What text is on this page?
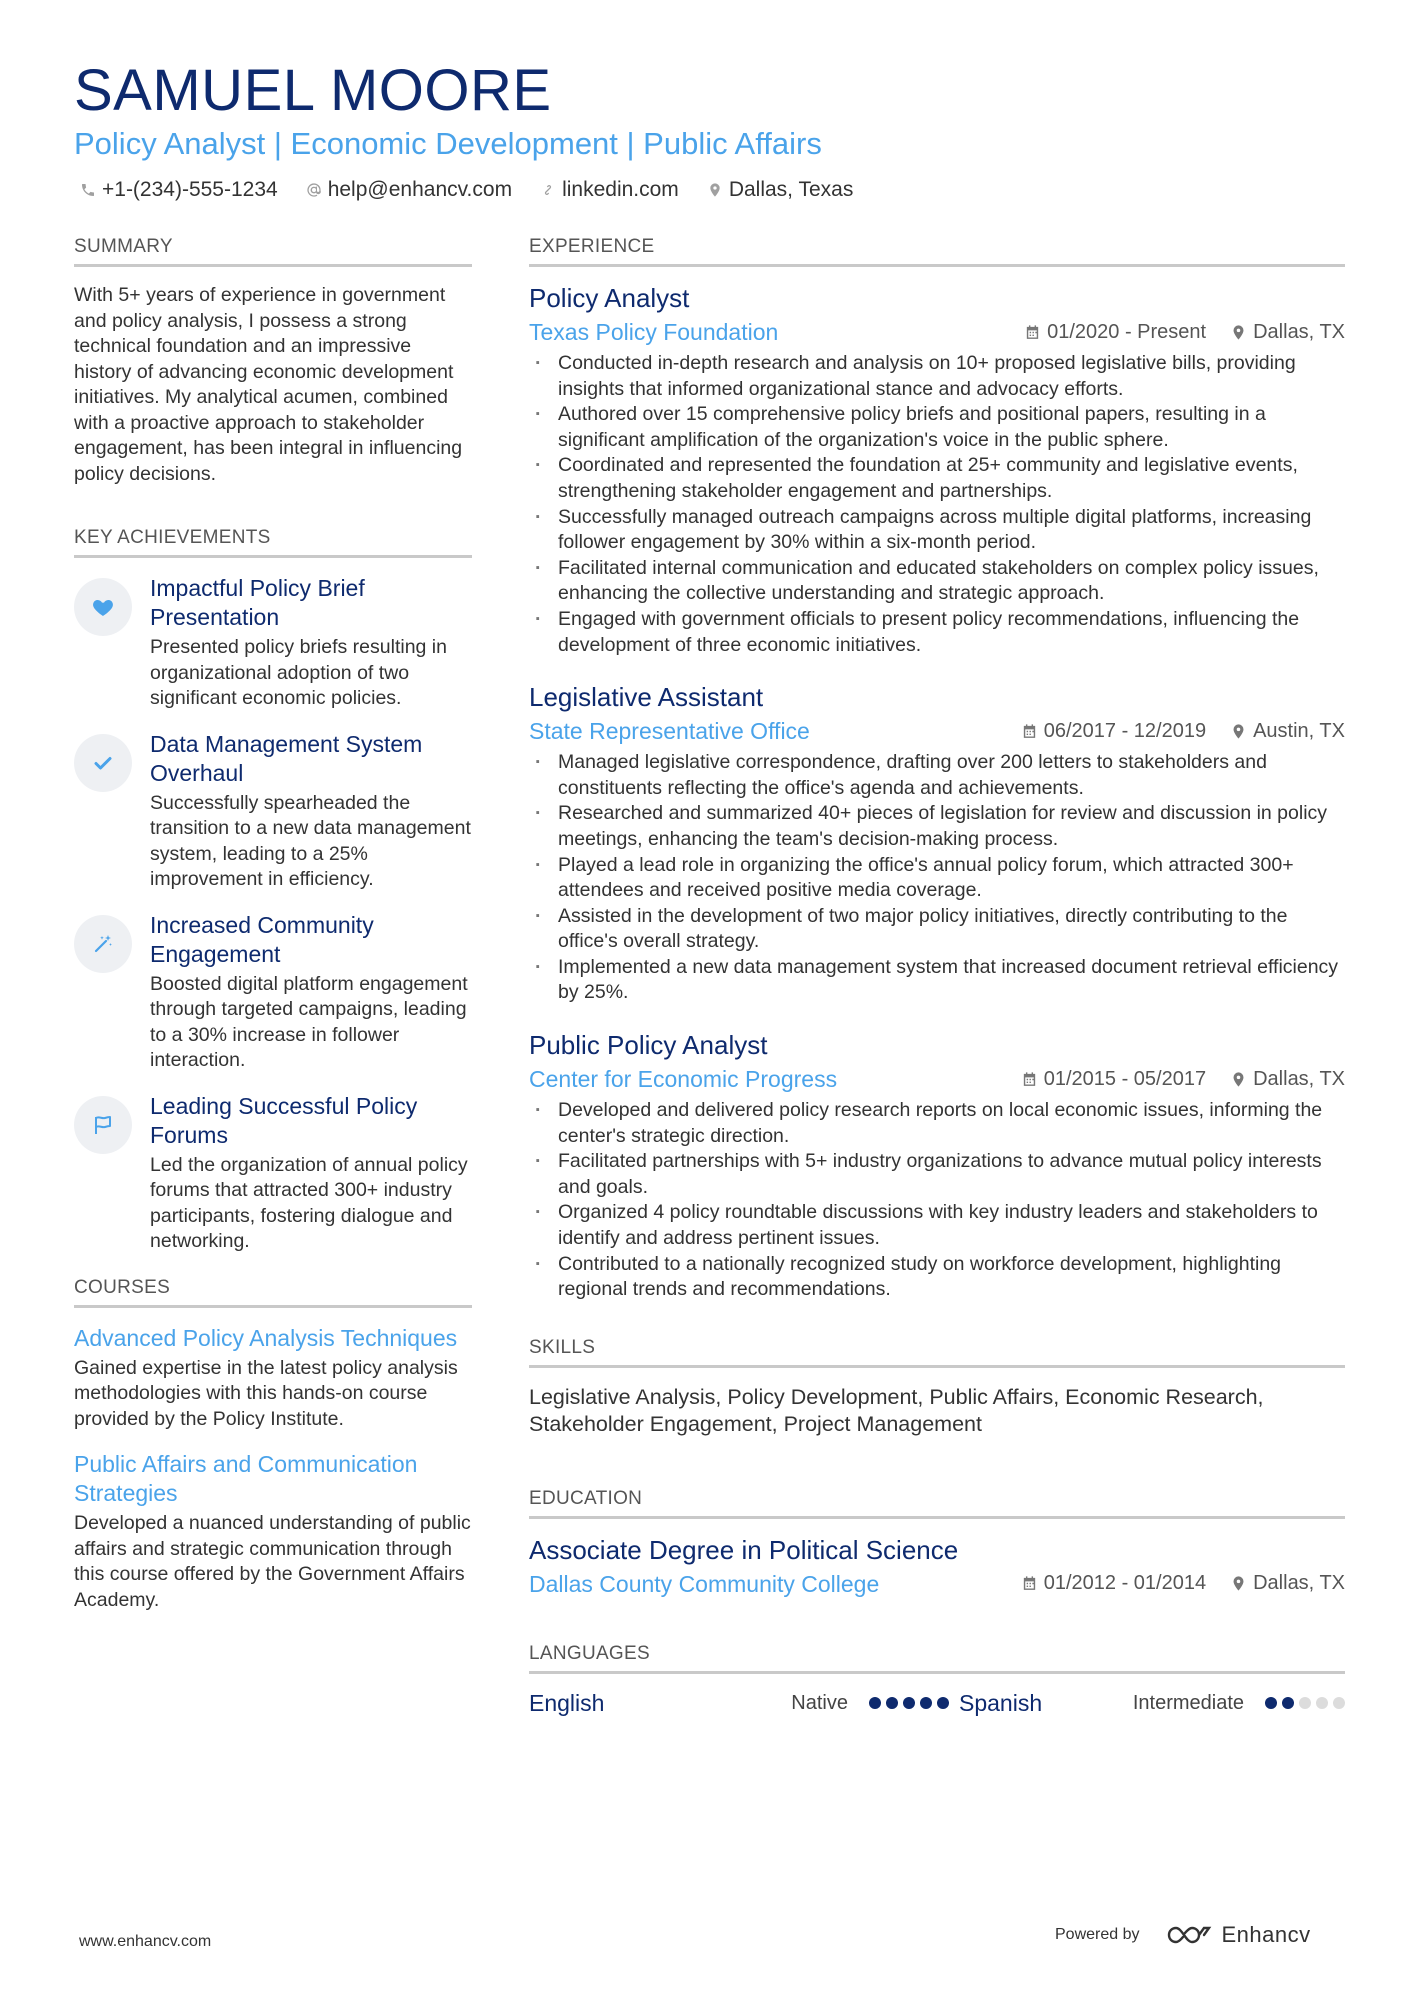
SAMUEL MOORE
Policy Analyst | Economic Development | Public Affairs
+1-(234)-555-1234 help@enhancv.com linkedin.com Dallas, Texas
SUMMARY
With 5+ years of experience in government and policy analysis, I possess a strong technical foundation and an impressive history of advancing economic development initiatives. My analytical acumen, combined with a proactive approach to stakeholder engagement, has been integral in influencing policy decisions.
KEY ACHIEVEMENTS
Impactful Policy Brief Presentation
Presented policy briefs resulting in organizational adoption of two significant economic policies.
Data Management System Overhaul
Successfully spearheaded the transition to a new data management system, leading to a 25% improvement in efficiency.
Increased Community Engagement
Boosted digital platform engagement through targeted campaigns, leading to a 30% increase in follower interaction.
Leading Successful Policy Forums
Led the organization of annual policy forums that attracted 300+ industry participants, fostering dialogue and networking.
COURSES
Advanced Policy Analysis Techniques
Gained expertise in the latest policy analysis methodologies with this hands-on course provided by the Policy Institute.
Public Affairs and Communication Strategies
Developed a nuanced understanding of public affairs and strategic communication through this course offered by the Government Affairs Academy.
EXPERIENCE
Policy Analyst
Texas Policy Foundation	01/2020 - Present Dallas, TX
· Conducted in-depth research and analysis on 10+ proposed legislative bills, providing insights that informed organizational stance and advocacy efforts.
· Authored over 15 comprehensive policy briefs and positional papers, resulting in a significant amplification of the organization's voice in the public sphere.
· Coordinated and represented the foundation at 25+ community and legislative events, strengthening stakeholder engagement and partnerships.
· Successfully managed outreach campaigns across multiple digital platforms, increasing follower engagement by 30% within a six-month period.
· Facilitated internal communication and educated stakeholders on complex policy issues, enhancing the collective understanding and strategic approach.
· Engaged with government officials to present policy recommendations, influencing the development of three economic initiatives.
Legislative Assistant
State Representative Office	06/2017 - 12/2019 Austin, TX
· Managed legislative correspondence, drafting over 200 letters to stakeholders and constituents reflecting the office's agenda and achievements.
· Researched and summarized 40+ pieces of legislation for review and discussion in policy meetings, enhancing the team's decision-making process.
· Played a lead role in organizing the office's annual policy forum, which attracted 300+ attendees and received positive media coverage.
· Assisted in the development of two major policy initiatives, directly contributing to the office's overall strategy.
· Implemented a new data management system that increased document retrieval efficiency by 25%.
Public Policy Analyst
Center for Economic Progress	01/2015 - 05/2017 Dallas, TX
· Developed and delivered policy research reports on local economic issues, informing the center's strategic direction.
· Facilitated partnerships with 5+ industry organizations to advance mutual policy interests and goals.
· Organized 4 policy roundtable discussions with key industry leaders and stakeholders to identify and address pertinent issues.
· Contributed to a nationally recognized study on workforce development, highlighting regional trends and recommendations.
SKILLS
Legislative Analysis, Policy Development, Public Affairs, Economic Research, Stakeholder Engagement, Project Management
EDUCATION
Associate Degree in Political Science
Dallas County Community College	01/2012 - 01/2014 Dallas, TX
LANGUAGES
English	Native	Spanish	Intermediate
www.enhancv.com	Powered by	Enhancv
